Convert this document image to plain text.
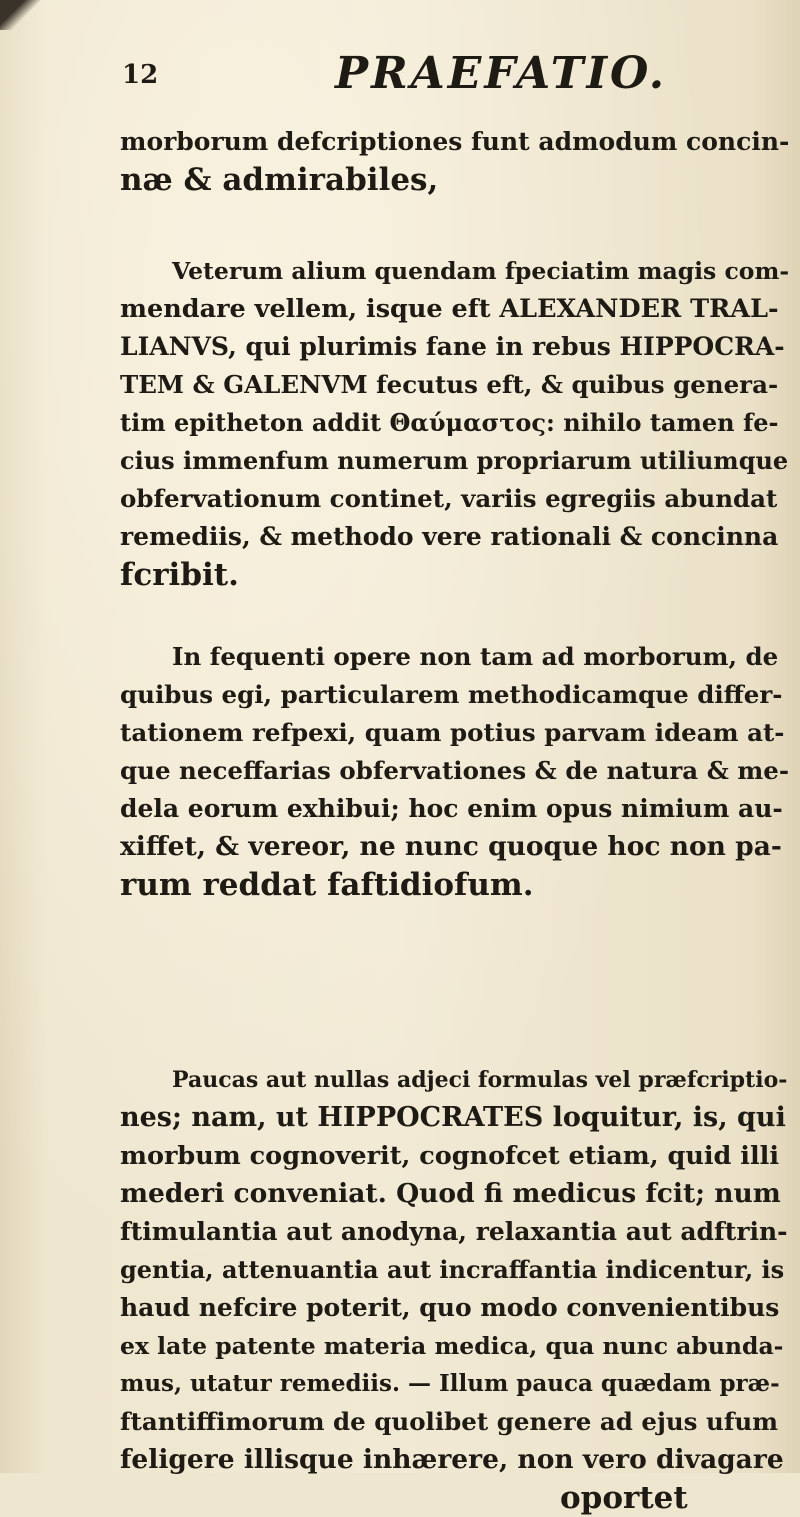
12	PRAEFATIO.
morborum defcriptiones funt admodum concin-
næ & admirabiles,
Veterum alium quendam fpeciatim magis com-
mendare vellem, isque eft ALEXANDER TRAL-
LIANVS, qui plurimis fane in rebus HIPPOCRA-
TEM & GALENVM fecutus eft, & quibus genera-
tim epitheton addit Θαύμαστος: nihilo tamen fe-
cius immenfum numerum propriarum utiliumque
obfervationum continet, variis egregiis abundat
remediis, & methodo vere rationali & concinna
fcribit.
In fequenti opere non tam ad morborum, de
quibus egi, particularem methodicamque differ-
tationem refpexi, quam potius parvam ideam at-
que neceffarias obfervationes & de natura & me-
dela eorum exhibui; hoc enim opus nimium au-
xiffet, & vereor, ne nunc quoque hoc non pa-
rum reddat faftidiofum.
Paucas aut nullas adjeci formulas vel præfcriptio-
nes; nam, ut HIPPOCRATES loquitur, is, qui
morbum cognoverit, cognofcet etiam, quid illi
mederi conveniat. Quod fi medicus fcit; num
ftimulantia aut anodyna, relaxantia aut adftrin-
gentia, attenuantia aut incraffantia indicentur, is
haud nefcire poterit, quo modo convenientibus
ex late patente materia medica, qua nunc abunda-
mus, utatur remediis. — Illum pauca quædam præ-
ftantiffimorum de quolibet genere ad ejus ufum
feligere illisque inhærere, non vero divagare
oportet
